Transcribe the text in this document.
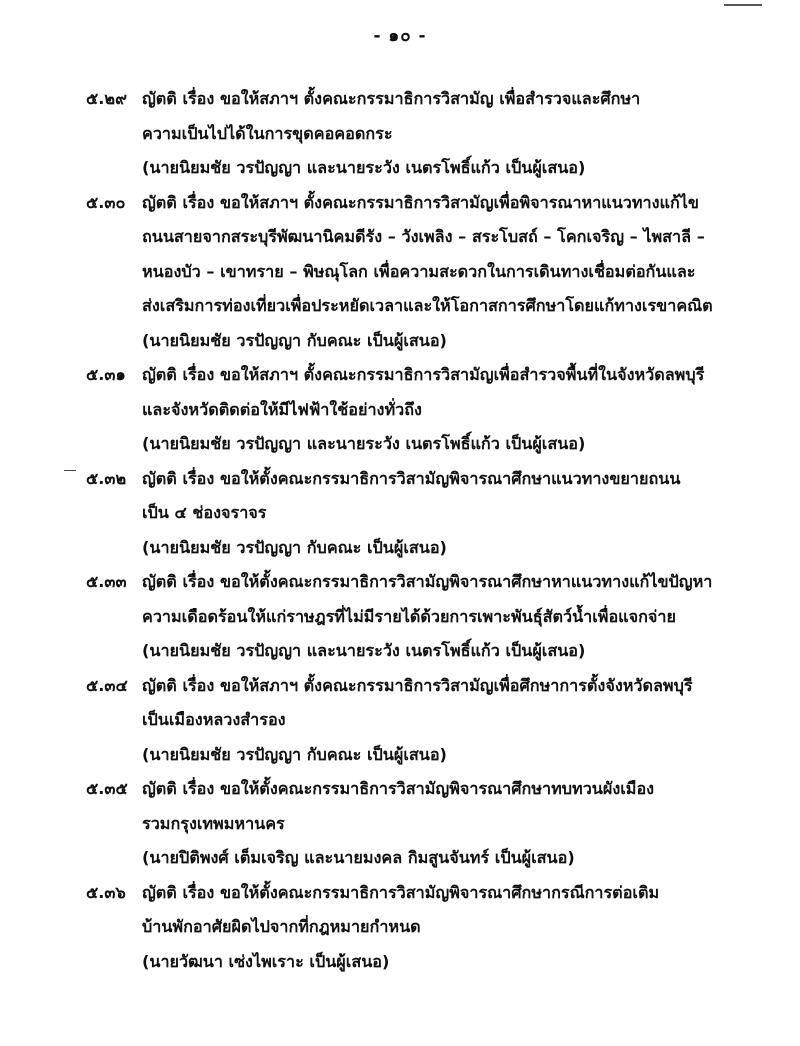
- ๑๐ -
๕.๒๙ ญัตติ เรื่อง ขอให้สภาฯ ตั้งคณะกรรมาธิการวิสามัญ เพื่อสำรวจและศึกษา
ความเป็นไปได้ในการขุดคอคอดกระ
(นายนิยมชัย วรปัญญา และนายระวัง เนตรโพธิ์แก้ว เป็นผู้เสนอ)
๕.๓๐	ญัตติ เรื่อง ขอให้สภาฯ ตั้งคณะกรรมาธิการวิสามัญเพื่อพิจารณาหาแนวทางแก้ไข
ถนนสายจากสระบุรีพัฒนานิคมดีรัง – วังเพลิง – สระโบสถ์ – โคกเจริญ – ไพสาลี –
หนองบัว – เขาทราย – พิษณุโลก เพื่อความสะดวกในการเดินทางเชื่อมต่อกันและ
ส่งเสริมการท่องเที่ยวเพื่อประหยัดเวลาและให้โอกาสการศึกษาโดยแก้ทางเรขาคณิต
(นายนิยมชัย วรปัญญา กับคณะ เป็นผู้เสนอ)
๕.๓๑	ญัตติ เรื่อง ขอให้สภาฯ ตั้งคณะกรรมาธิการวิสามัญเพื่อสำรวจพื้นที่ในจังหวัดลพบุรี
และจังหวัดติดต่อให้มีไฟฟ้าใช้อย่างทั่วถึง
(นายนิยมชัย วรปัญญา และนายระวัง เนตรโพธิ์แก้ว เป็นผู้เสนอ)
๕.๓๒ ญัตติ เรื่อง ขอให้ตั้งคณะกรรมาธิการวิสามัญพิจารณาศึกษาแนวทางขยายถนน
เป็น ๔ ช่องจราจร
(นายนิยมชัย วรปัญญา กับคณะ เป็นผู้เสนอ)
๕.๓๓ ญัตติ เรื่อง ขอให้ตั้งคณะกรรมาธิการวิสามัญพิจารณาศึกษาหาแนวทางแก้ไขปัญหา
ความเดือดร้อนให้แก่ราษฎรที่ไม่มีรายได้ด้วยการเพาะพันธุ์สัตว์น้ำเพื่อแจกจ่าย
(นายนิยมชัย วรปัญญา และนายระวัง เนตรโพธิ์แก้ว เป็นผู้เสนอ)
๕.๓๔ ญัตติ เรื่อง ขอให้สภาฯ ตั้งคณะกรรมาธิการวิสามัญเพื่อศึกษาการตั้งจังหวัดลพบุรี
เป็นเมืองหลวงสำรอง
(นายนิยมชัย วรปัญญา กับคณะ เป็นผู้เสนอ)
๕.๓๕ ญัตติ เรื่อง ขอให้ตั้งคณะกรรมาธิการวิสามัญพิจารณาศึกษาทบทวนผังเมือง
รวมกรุงเทพมหานคร
(นายปิติพงศ์ เต็มเจริญ และนายมงคล กิมสูนจันทร์ เป็นผู้เสนอ)
๕.๓๖	ญัตติ เรื่อง ขอให้ตั้งคณะกรรมาธิการวิสามัญพิจารณาศึกษากรณีการต่อเติม
บ้านพักอาศัยผิดไปจากที่กฎหมายกำหนด
(นายวัฒนา เซ่งไพเราะ เป็นผู้เสนอ)
